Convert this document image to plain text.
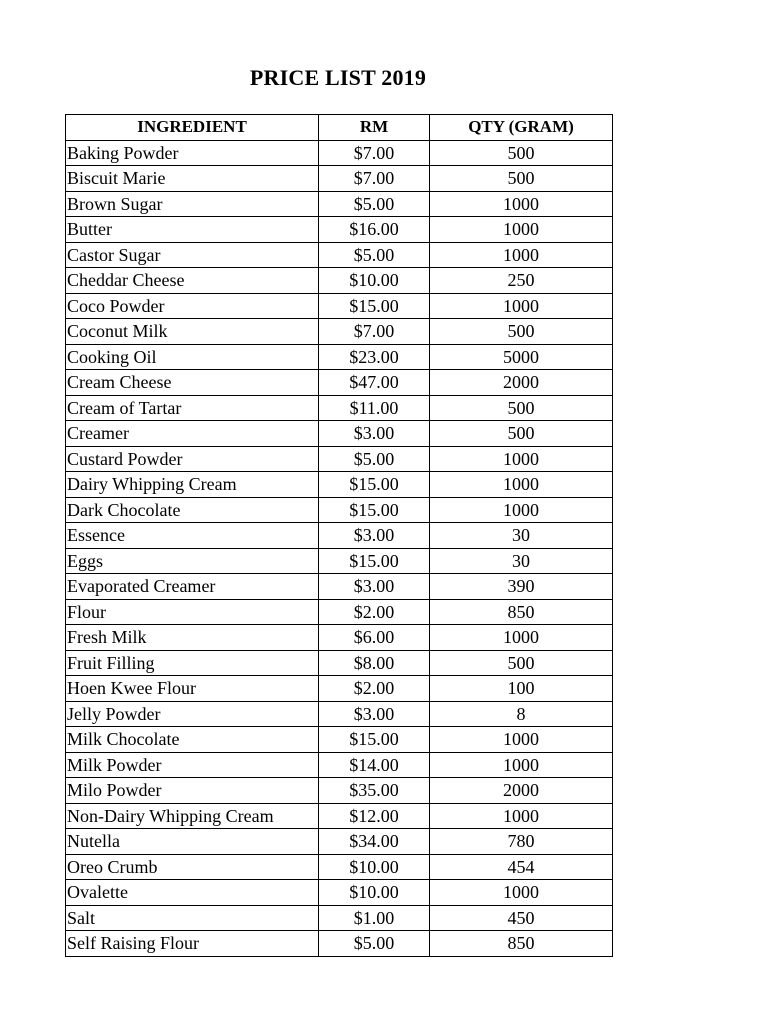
PRICE LIST 2019
INGREDIENT	RM	QTY (GRAM)
Baking Powder	$7.00	500
Biscuit Marie	$7.00	500
Brown Sugar	$5.00	1000
Butter	$16.00	1000
Castor Sugar	$5.00	1000
Cheddar Cheese	$10.00	250
Coco Powder	$15.00	1000
Coconut Milk	$7.00	500
Cooking Oil	$23.00	5000
Cream Cheese	$47.00	2000
Cream of Tartar	$11.00	500
Creamer	$3.00	500
Custard Powder	$5.00	1000
Dairy Whipping Cream	$15.00	1000
Dark Chocolate	$15.00	1000
Essence	$3.00	30
Eggs	$15.00	30
Evaporated Creamer	$3.00	390
Flour	$2.00	850
Fresh Milk	$6.00	1000
Fruit Filling	$8.00	500
Hoen Kwee Flour	$2.00	100
Jelly Powder	$3.00	8
Milk Chocolate	$15.00	1000
Milk Powder	$14.00	1000
Milo Powder	$35.00	2000
Non-Dairy Whipping Cream	$12.00	1000
Nutella	$34.00	780
Oreo Crumb	$10.00	454
Ovalette	$10.00	1000
Salt	$1.00	450
Self Raising Flour	$5.00	850
